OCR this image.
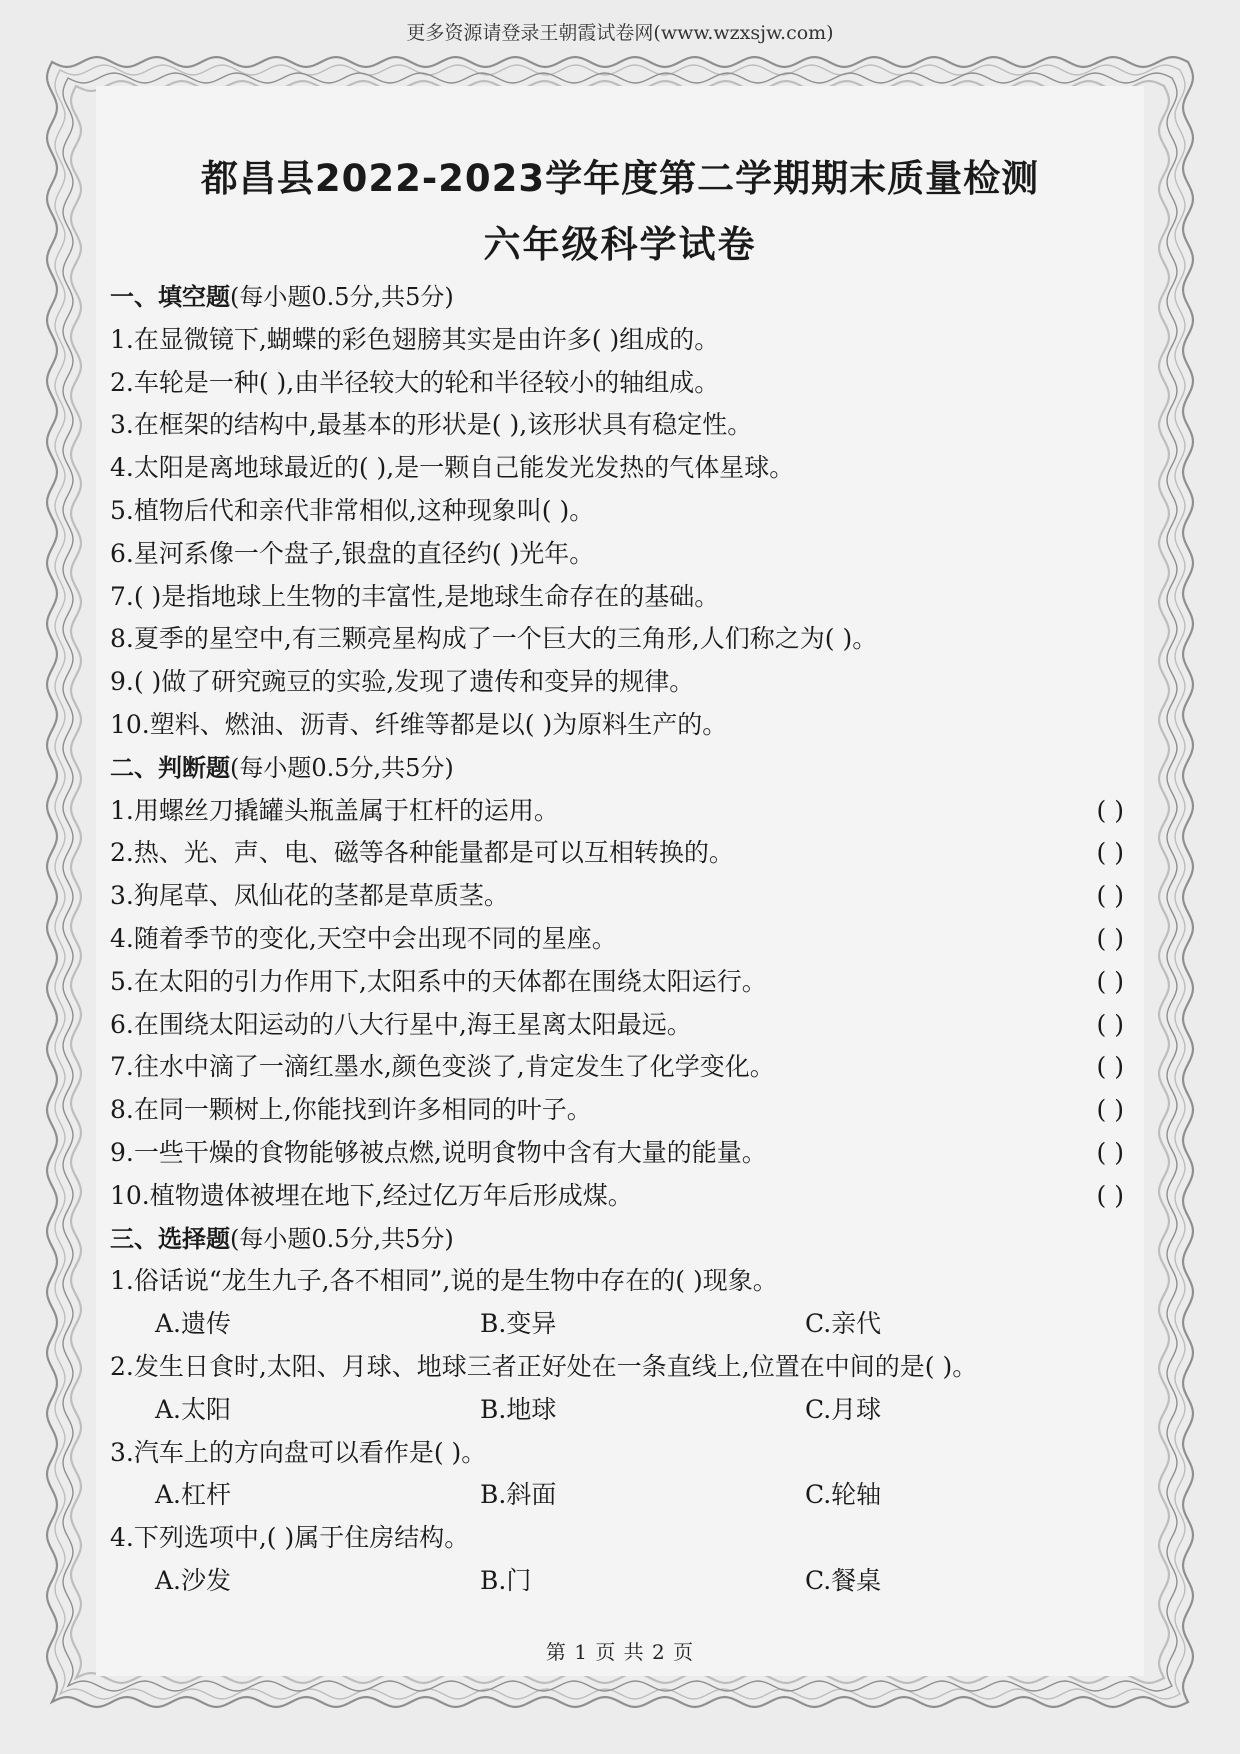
更多资源请登录王朝霞试卷网(www.wzxsjw.com)
都昌县2022-2023学年度第二学期期末质量检测
六年级科学试卷
一、填空题(每小题0.5分,共5分)
1.在显微镜下,蝴蝶的彩色翅膀其实是由许多( )组成的。
2.车轮是一种( ),由半径较大的轮和半径较小的轴组成。
3.在框架的结构中,最基本的形状是( ),该形状具有稳定性。
4.太阳是离地球最近的( ),是一颗自己能发光发热的气体星球。
5.植物后代和亲代非常相似,这种现象叫( )。
6.星河系像一个盘子,银盘的直径约( )光年。
7.( )是指地球上生物的丰富性,是地球生命存在的基础。
8.夏季的星空中,有三颗亮星构成了一个巨大的三角形,人们称之为( )。
9.( )做了研究豌豆的实验,发现了遗传和变异的规律。
10.塑料、燃油、沥青、纤维等都是以( )为原料生产的。
二、判断题(每小题0.5分,共5分)
1.用螺丝刀撬罐头瓶盖属于杠杆的运用。	( )
2.热、光、声、电、磁等各种能量都是可以互相转换的。	( )
3.狗尾草、凤仙花的茎都是草质茎。	( )
4.随着季节的变化,天空中会出现不同的星座。	( )
5.在太阳的引力作用下,太阳系中的天体都在围绕太阳运行。	( )
6.在围绕太阳运动的八大行星中,海王星离太阳最远。	( )
7.往水中滴了一滴红墨水,颜色变淡了,肯定发生了化学变化。	( )
8.在同一颗树上,你能找到许多相同的叶子。	( )
9.一些干燥的食物能够被点燃,说明食物中含有大量的能量。	( )
10.植物遗体被埋在地下,经过亿万年后形成煤。	( )
三、选择题(每小题0.5分,共5分)
1.俗话说“龙生九子,各不相同”,说的是生物中存在的( )现象。
A.遗传	B.变异	C.亲代
2.发生日食时,太阳、月球、地球三者正好处在一条直线上,位置在中间的是( )。
A.太阳	B.地球	C.月球
3.汽车上的方向盘可以看作是( )。
A.杠杆	B.斜面	C.轮轴
4.下列选项中,( )属于住房结构。
A.沙发	B.门	C.餐桌
第 1 页 共 2 页
